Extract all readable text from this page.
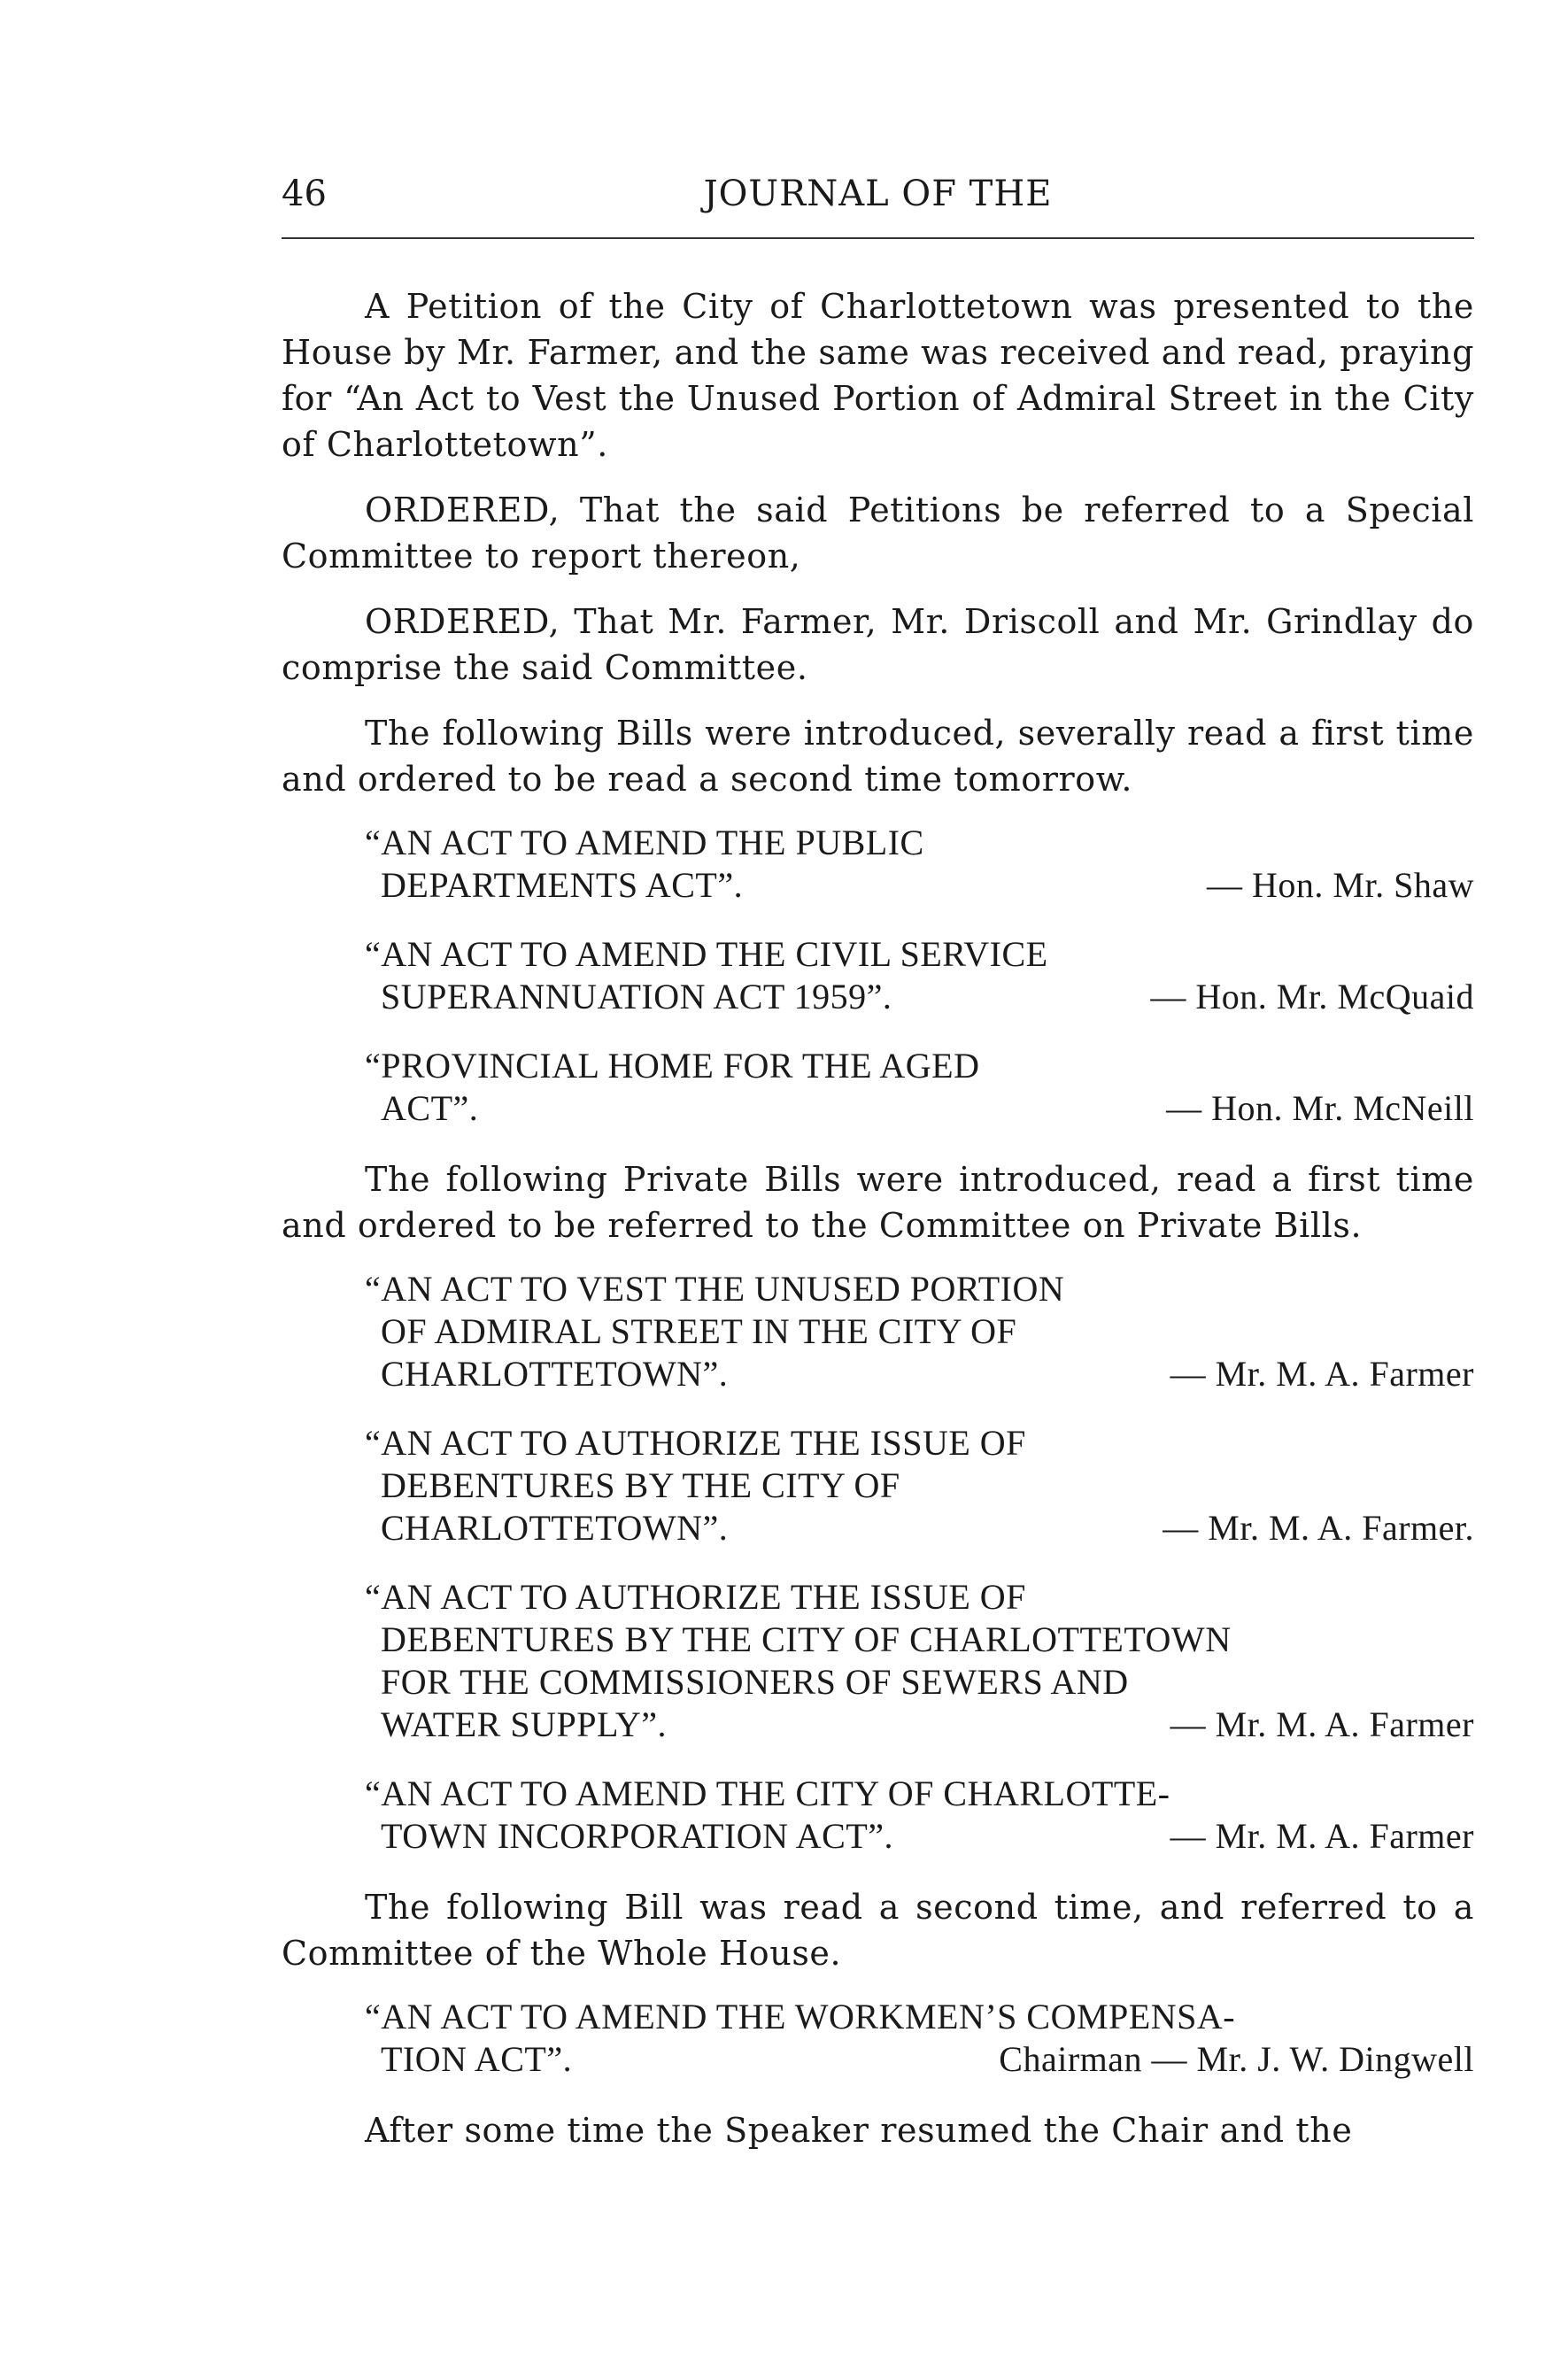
46	JOURNAL OF THE

A Petition of the City of Charlottetown was presented to the House by Mr. Farmer, and the same was received and read, praying for “An Act to Vest the Unused Portion of Admiral Street in the City of Charlottetown”.

ORDERED, That the said Petitions be referred to a Special Committee to report thereon,

ORDERED, That Mr. Farmer, Mr. Driscoll and Mr. Grindlay do comprise the said Committee.

The following Bills were introduced, severally read a first time and ordered to be read a second time tomorrow.

“AN ACT TO AMEND THE PUBLIC
DEPARTMENTS ACT”.	— Hon. Mr. Shaw
“AN ACT TO AMEND THE CIVIL SERVICE
SUPERANNUATION ACT 1959”.	— Hon. Mr. McQuaid
“PROVINCIAL HOME FOR THE AGED
ACT”.	— Hon. Mr. McNeill

The following Private Bills were introduced, read a first time and ordered to be referred to the Committee on Private Bills.

“AN ACT TO VEST THE UNUSED PORTION
OF ADMIRAL STREET IN THE CITY OF
CHARLOTTETOWN”.	— Mr. M. A. Farmer
“AN ACT TO AUTHORIZE THE ISSUE OF
DEBENTURES BY THE CITY OF
CHARLOTTETOWN”.	— Mr. M. A. Farmer.
“AN ACT TO AUTHORIZE THE ISSUE OF
DEBENTURES BY THE CITY OF CHARLOTTETOWN
FOR THE COMMISSIONERS OF SEWERS AND
WATER SUPPLY”.	— Mr. M. A. Farmer
“AN ACT TO AMEND THE CITY OF CHARLOTTE-
TOWN INCORPORATION ACT”.	— Mr. M. A. Farmer

The following Bill was read a second time, and referred to a Committee of the Whole House.

“AN ACT TO AMEND THE WORKMEN’S COMPENSA-
TION ACT”.	Chairman — Mr. J. W. Dingwell

After some time the Speaker resumed the Chair and the
